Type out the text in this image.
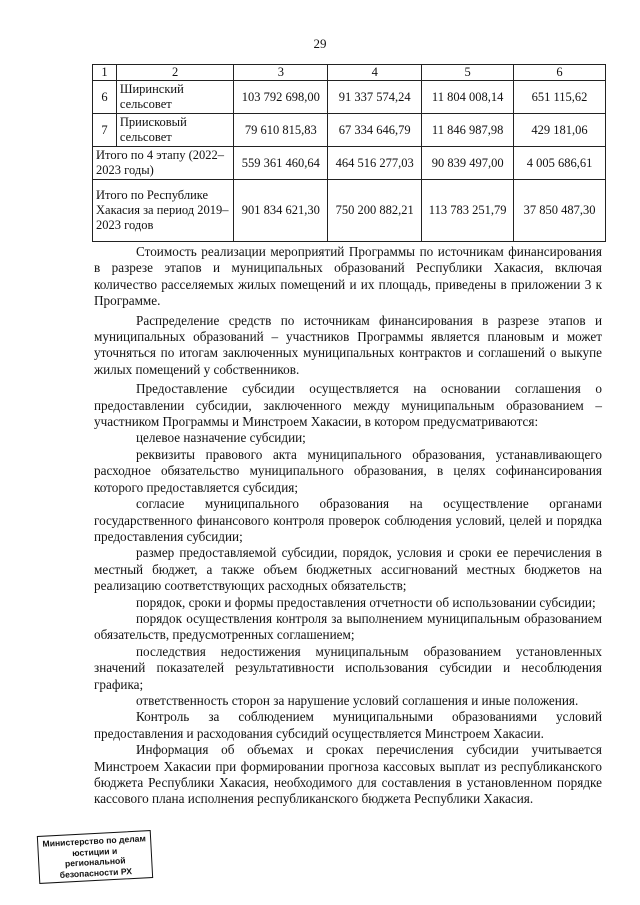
29
1	2	3	4	5	6
6	Ширинский сельсовет	103 792 698,00	91 337 574,24	11 804 008,14	651 115,62
7	Приисковый сельсовет	79 610 815,83	67 334 646,79	11 846 987,98	429 181,06
Итого по 4 этапу (2022–2023 годы)		559 361 460,64	464 516 277,03	90 839 497,00	4 005 686,61
Итого по Республике Хакасия за период 2019–2023 годов		901 834 621,30	750 200 882,21	113 783 251,79	37 850 487,30

Стоимость реализации мероприятий Программы по источникам финансирования в разрезе этапов и муниципальных образований Республики Хакасия, включая количество расселяемых жилых помещений и их площадь, приведены в приложении 3 к Программе.

Распределение средств по источникам финансирования в разрезе этапов и муниципальных образований – участников Программы является плановым и может уточняться по итогам заключенных муниципальных контрактов и соглашений о выкупе жилых помещений у собственников.

Предоставление субсидии осуществляется на основании соглашения о предоставлении субсидии, заключенного между муниципальным образованием – участником Программы и Минстроем Хакасии, в котором предусматриваются:

целевое назначение субсидии;

реквизиты правового акта муниципального образования, устанавливающего расходное обязательство муниципального образования, в целях софинансирования которого предоставляется субсидия;

согласие муниципального образования на осуществление органами государственного финансового контроля проверок соблюдения условий, целей и порядка предоставления субсидии;

размер предоставляемой субсидии, порядок, условия и сроки ее перечисления в местный бюджет, а также объем бюджетных ассигнований местных бюджетов на реализацию соответствующих расходных обязательств;

порядок, сроки и формы предоставления отчетности об использовании субсидии;

порядок осуществления контроля за выполнением муниципальным образованием обязательств, предусмотренных соглашением;

последствия недостижения муниципальным образованием установленных значений показателей результативности использования субсидии и несоблюдения графика;

ответственность сторон за нарушение условий соглашения и иные положения.

Контроль за соблюдением муниципальными образованиями условий предоставления и расходования субсидий осуществляется Минстроем Хакасии.

Информация об объемах и сроках перечисления субсидии учитывается Минстроем Хакасии при формировании прогноза кассовых выплат из республиканского бюджета Республики Хакасия, необходимого для составления в установленном порядке кассового плана исполнения республиканского бюджета Республики Хакасия.

Министерство по делам
юстиции и региональной
безопасности РХ
